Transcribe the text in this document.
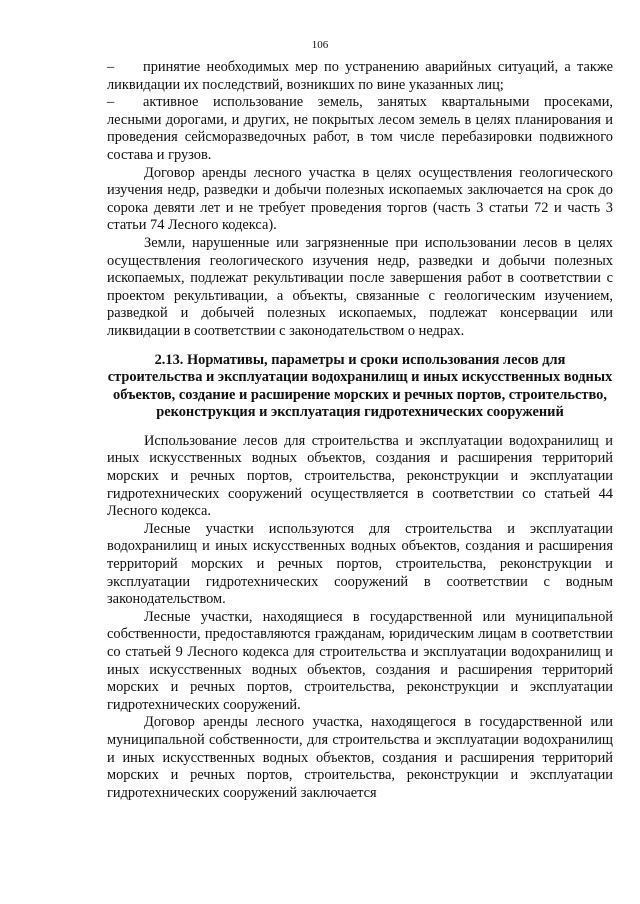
106

– принятие необходимых мер по устранению аварийных ситуаций, а также ликвидации их последствий, возникших по вине указанных лиц;

– активное использование земель, занятых квартальными просеками, лесными дорогами, и других, не покрытых лесом земель в целях планирования и проведения сейсморазведочных работ, в том числе перебазировки подвижного состава и грузов.

Договор аренды лесного участка в целях осуществления геологического изучения недр, разведки и добычи полезных ископаемых заключается на срок до сорока девяти лет и не требует проведения торгов (часть 3 статьи 72 и часть 3 статьи 74 Лесного кодекса).

Земли, нарушенные или загрязненные при использовании лесов в целях осуществления геологического изучения недр, разведки и добычи полезных ископаемых, подлежат рекультивации после завершения работ в соответствии с проектом рекультивации, а объекты, связанные с геологическим изучением, разведкой и добычей полезных ископаемых, подлежат консервации или ликвидации в соответствии с законодательством о недрах.

2.13. Нормативы, параметры и сроки использования лесов для строительства и эксплуатации водохранилищ и иных искусственных водных объектов, создание и расширение морских и речных портов, строительство, реконструкция и эксплуатация гидротехнических сооружений

Использование лесов для строительства и эксплуатации водохранилищ и иных искусственных водных объектов, создания и расширения территорий морских и речных портов, строительства, реконструкции и эксплуатации гидротехнических сооружений осуществляется в соответствии со статьей 44 Лесного кодекса.

Лесные участки используются для строительства и эксплуатации водохранилищ и иных искусственных водных объектов, создания и расширения территорий морских и речных портов, строительства, реконструкции и эксплуатации гидротехнических сооружений в соответствии с водным законодательством.

Лесные участки, находящиеся в государственной или муниципальной собственности, предоставляются гражданам, юридическим лицам в соответствии со статьей 9 Лесного кодекса для строительства и эксплуатации водохранилищ и иных искусственных водных объектов, создания и расширения территорий морских и речных портов, строительства, реконструкции и эксплуатации гидротехнических сооружений.

Договор аренды лесного участка, находящегося в государственной или муниципальной собственности, для строительства и эксплуатации водохранилищ и иных искусственных водных объектов, создания и расширения территорий морских и речных портов, строительства, реконструкции и эксплуатации гидротехнических сооружений заключается
